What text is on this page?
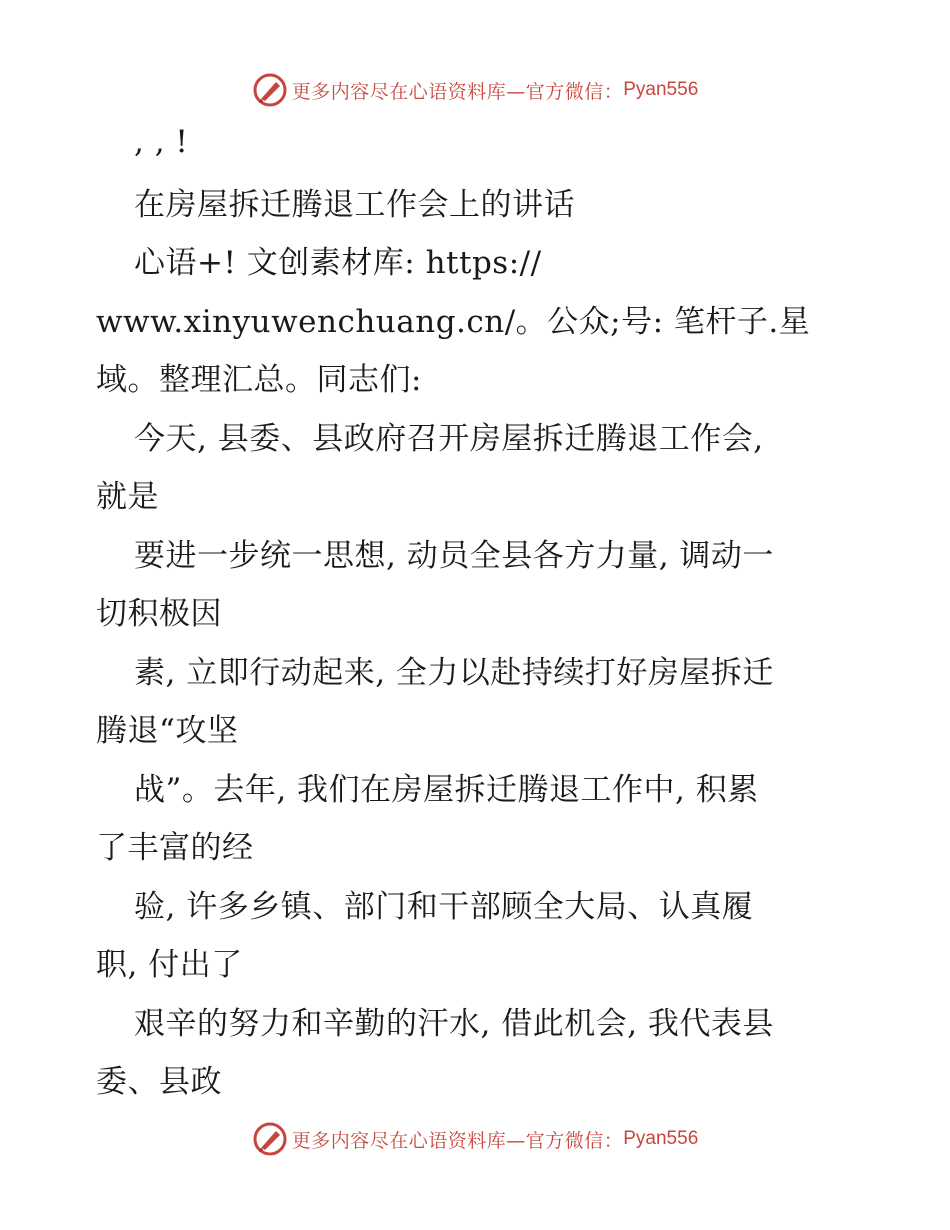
更多内容尽在心语资料库—官方微信： Pyan556
, , !
在房屋拆迁腾退工作会上的讲话
心语+! 文创素材库: https://
www.xinyuwenchuang.cn/。公众;号: 笔杆子.星
域。整理汇总。同志们:
今天, 县委、县政府召开房屋拆迁腾退工作会,
就是
要进一步统一思想, 动员全县各方力量, 调动一
切积极因
素, 立即行动起来, 全力以赴持续打好房屋拆迁
腾退“攻坚
战”。去年, 我们在房屋拆迁腾退工作中, 积累
了丰富的经
验, 许多乡镇、部门和干部顾全大局、认真履
职, 付出了
艰辛的努力和辛勤的汗水, 借此机会, 我代表县
委、县政
更多内容尽在心语资料库—官方微信： Pyan556
